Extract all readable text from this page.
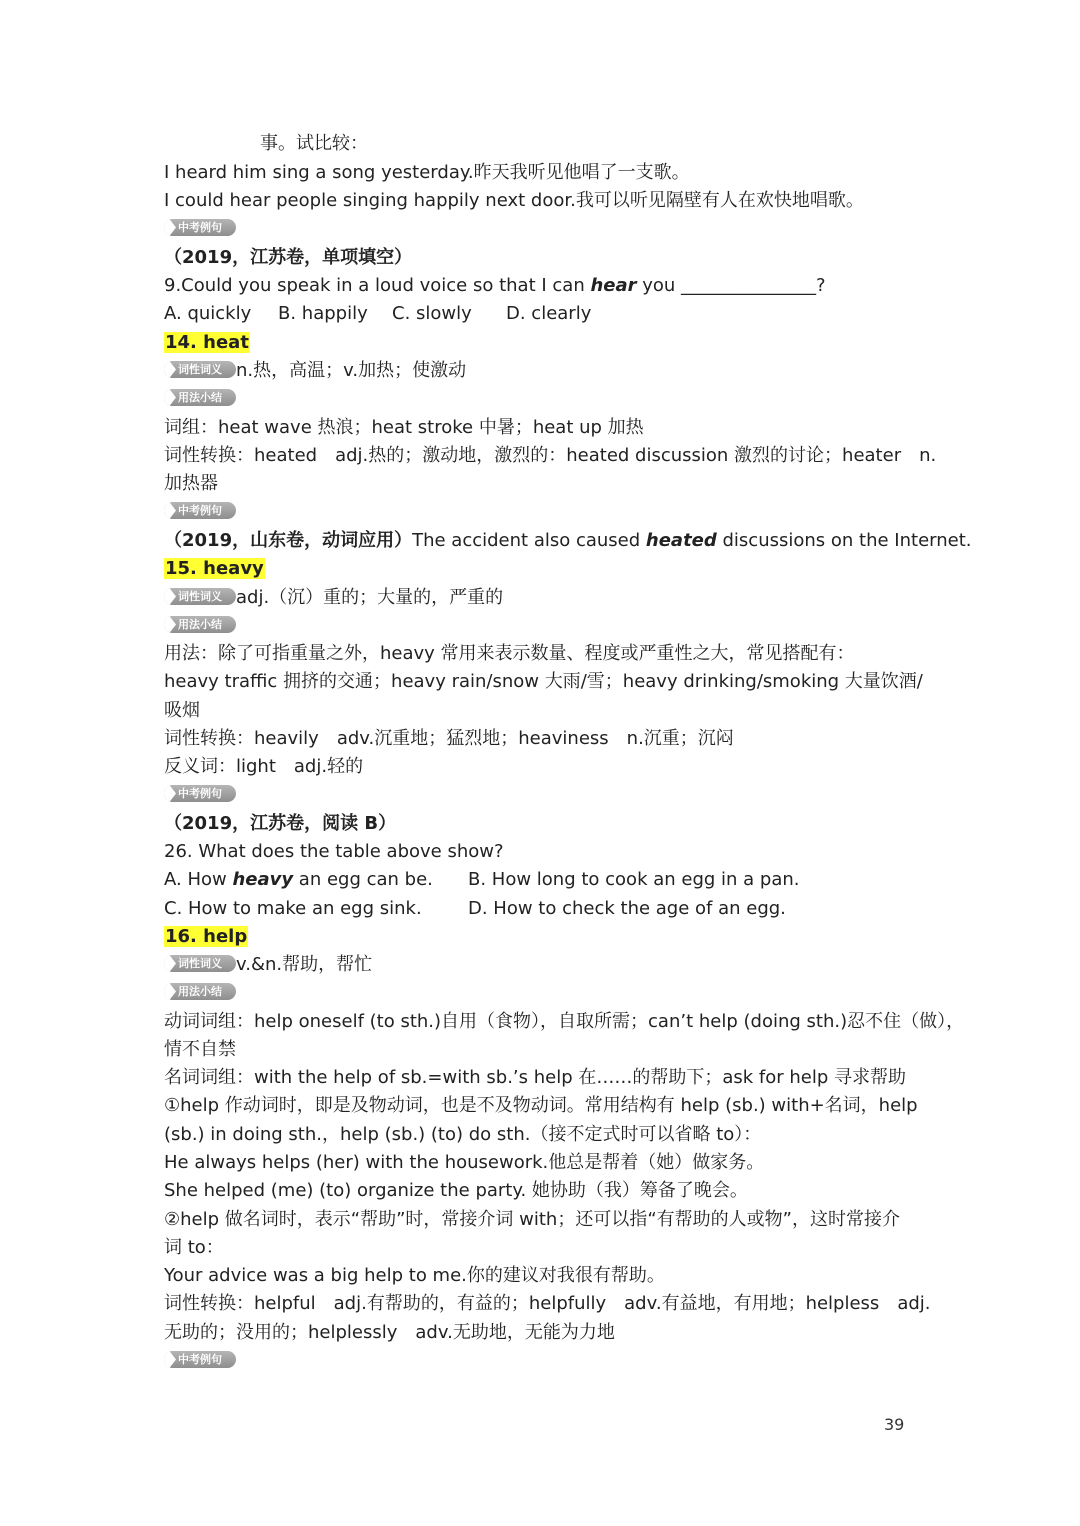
事。试比较：
I heard him sing a song yesterday.昨天我听见他唱了一支歌。
I could hear people singing happily next door.我可以听见隔壁有人在欢快地唱歌。
中考例句
（2019，江苏卷，单项填空）
9.Could you speak in a loud voice so that I can hear you _______________?
A. quickly B. happily C. slowly D. clearly
14. heat
词性词义 n.热，高温；v.加热；使激动
用法小结
词组：heat wave 热浪；heat stroke 中暑；heat up 加热
词性转换：heated　adj.热的；激动地，激烈的：heated discussion 激烈的讨论；heater　n.
加热器
中考例句
（2019，山东卷，动词应用）The accident also caused heated discussions on the Internet.
15. heavy
词性词义 adj.（沉）重的；大量的，严重的
用法小结
用法：除了可指重量之外，heavy 常用来表示数量、程度或严重性之大，常见搭配有：
heavy traffic 拥挤的交通；heavy rain/snow 大雨/雪；heavy drinking/smoking 大量饮酒/
吸烟
词性转换：heavily　adv.沉重地；猛烈地；heaviness　n.沉重；沉闷
反义词：light　adj.轻的
中考例句
（2019，江苏卷，阅读 B）
26. What does the table above show?
A. How heavy an egg can be. B. How long to cook an egg in a pan.
C. How to make an egg sink.	D. How to check the age of an egg.
16. help
词性词义 v.&n.帮助，帮忙
用法小结
动词词组：help oneself (to sth.)自用（食物），自取所需；can’t help (doing sth.)忍不住（做），
情不自禁
名词词组：with the help of sb.=with sb.’s help 在……的帮助下；ask for help 寻求帮助
①help 作动词时，即是及物动词，也是不及物动词。常用结构有 help (sb.) with+名词，help
(sb.) in doing sth.，help (sb.) (to) do sth.（接不定式时可以省略 to）：
He always helps (her) with the housework.他总是帮着（她）做家务。
She helped (me) (to) organize the party. 她协助（我）筹备了晚会。
②help 做名词时，表示“帮助”时，常接介词 with；还可以指“有帮助的人或物”，这时常接介
词 to：
Your advice was a big help to me.你的建议对我很有帮助。
词性转换：helpful　adj.有帮助的，有益的；helpfully　adv.有益地，有用地；helpless　adj.
无助的；没用的；helplessly　adv.无助地，无能为力地
中考例句
39
